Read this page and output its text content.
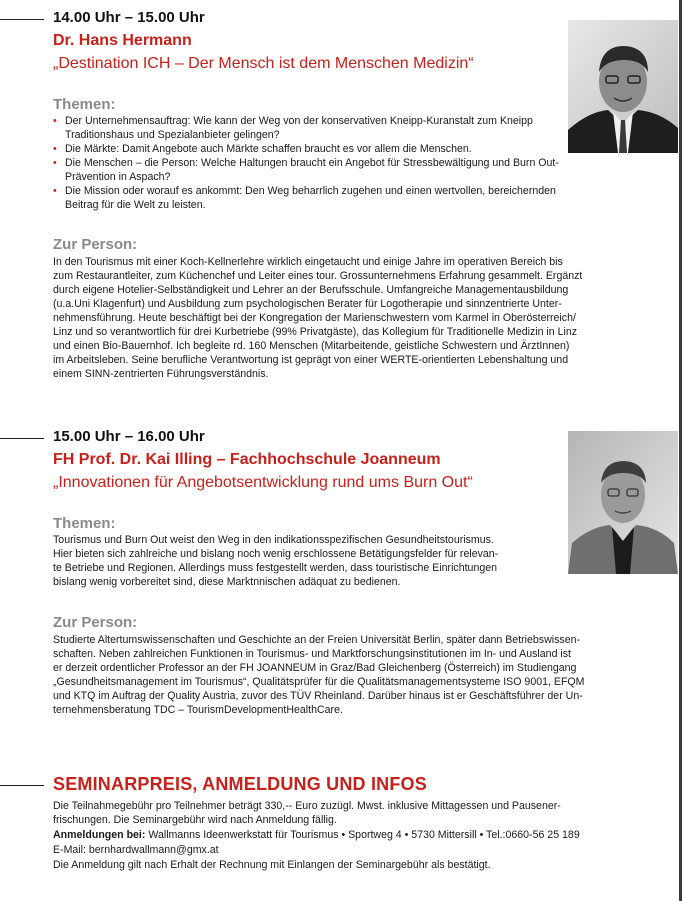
14.00 Uhr – 15.00 Uhr
Dr. Hans Hermann
„Destination ICH – Der Mensch ist dem Menschen Medizin“
Themen:
• Der Unternehmensauftrag: Wie kann der Weg von der konservativen Kneipp-Kuranstalt zum Kneipp Traditionshaus und Spezialanbieter gelingen?
• Die Märkte: Damit Angebote auch Märkte schaffen braucht es vor allem die Menschen.
• Die Menschen – die Person: Welche Haltungen braucht ein Angebot für Stressbewältigung und Burn Out-Prävention in Aspach?
• Die Mission oder worauf es ankommt: Den Weg beharrlich zugehen und einen wertvollen, bereichernden Beitrag für die Welt zu leisten.
Zur Person:
In den Tourismus mit einer Koch-Kellnerlehre wirklich eingetaucht und einige Jahre im operativen Bereich bis
zum Restaurantleiter, zum Küchenchef und Leiter eines tour. Grossunternehmens Erfahrung gesammelt. Ergänzt
durch eigene Hotelier-Selbständigkeit und Lehrer an der Berufsschule. Umfangreiche Managementausbildung
(u.a.Uni Klagenfurt) und Ausbildung zum psychologischen Berater für Logotherapie und sinnzentrierte Unter-
nehmensführung. Heute beschäftigt bei der Kongregation der Marienschwestern vom Karmel in Oberösterreich/
Linz und so verantwortlich für drei Kurbetriebe (99% Privatgäste), das Kollegium für Traditionelle Medizin in Linz
und einen Bio-Bauernhof. Ich begleite rd. 160 Menschen (Mitarbeitende, geistliche Schwestern und ÄrztInnen)
im Arbeitsleben. Seine berufliche Verantwortung ist geprägt von einer WERTE-orientierten Lebenshaltung und
einem SINN-zentrierten Führungsverständnis.
15.00 Uhr – 16.00 Uhr
FH Prof. Dr. Kai Illing – Fachhochschule Joanneum
„Innovationen für Angebotsentwicklung rund ums Burn Out“
Themen:
Tourismus und Burn Out weist den Weg in den indikationsspezifischen Gesundheitstourismus.
Hier bieten sich zahlreiche und bislang noch wenig erschlossene Betätigungsfelder für relevan-
te Betriebe und Regionen. Allerdings muss festgestellt werden, dass touristische Einrichtungen
bislang wenig vorbereitet sind, diese Marktnnischen adäquat zu bedienen.
Zur Person:
Studierte Altertumswissenschaften und Geschichte an der Freien Universität Berlin, später dann Betriebswissen-
schaften. Neben zahlreichen Funktionen in Tourismus- und Marktforschungsinstitutionen im In- und Ausland ist
er derzeit ordentlicher Professor an der FH JOANNEUM in Graz/Bad Gleichenberg (Österreich) im Studiengang
„Gesundheitsmanagement im Tourismus“, Qualitätsprüfer für die Qualitätsmanagementsysteme ISO 9001, EFQM
und KTQ im Auftrag der Quality Austria, zuvor des TÜV Rheinland. Darüber hinaus ist er Geschäftsführer der Un-
ternehmensberatung TDC – TourismDevelopmentHealthCare.
SEMINARPREIS, ANMELDUNG UND INFOS
Die Teilnahmegebühr pro Teilnehmer beträgt 330,-- Euro zuzügl. Mwst. inklusive Mittagessen und Pausener-
frischungen. Die Seminargebühr wird nach Anmeldung fällig.
Anmeldungen bei: Wallmanns Ideenwerkstatt für Tourismus • Sportweg 4 • 5730 Mittersill • Tel.:0660-56 25 189
E-Mail: bernhardwallmann@gmx.at
Die Anmeldung gilt nach Erhalt der Rechnung mit Einlangen der Seminargebühr als bestätigt.
